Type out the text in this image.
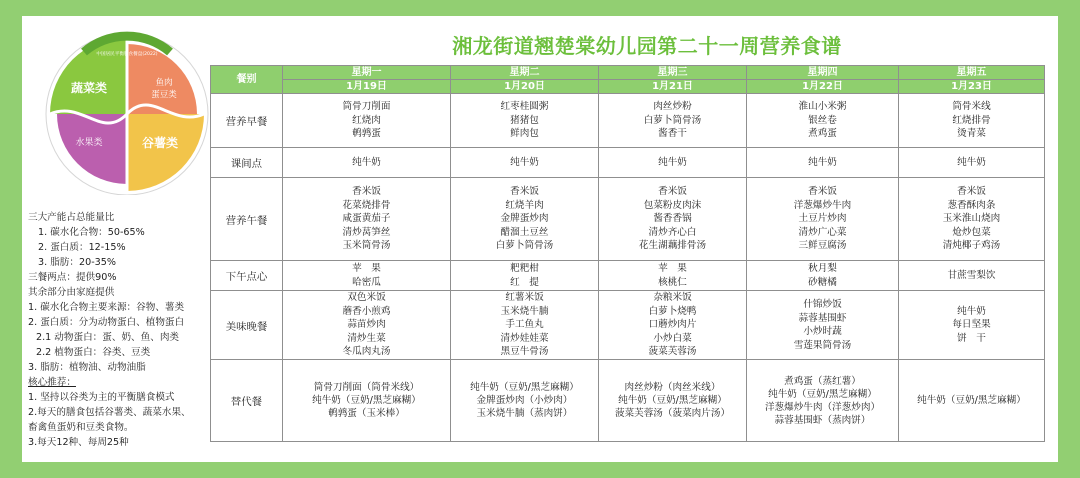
湘龙街道翘楚棠幼儿园第二十一周营养食谱
中国居民平衡膳食餐盘(2022)
蔬菜类	鱼肉
蛋豆类
谷薯类
水果类
三大产能占总能量比
1. 碳水化合物：50-65%
2. 蛋白质：12-15%
3. 脂肪：20-35%
三餐两点：提供90%
其余部分由家庭提供
1. 碳水化合物主要来源：谷物、薯类
2. 蛋白质：分为动物蛋白、植物蛋白
2.1 动物蛋白：蛋、奶、鱼、肉类
2.2 植物蛋白：谷类、豆类
3. 脂肪：植物油、动物油脂
核心推荐：
1. 坚持以谷类为主的平衡膳食模式
2.每天的膳食包括谷薯类、蔬菜水果、
畜禽鱼蛋奶和豆类食物。
3.每天12种、每周25种
餐别	星期一	星期二	星期三	星期四	星期五
	1月19日	1月20日	1月21日	1月22日	1月23日
营养早餐	筒骨刀削面
红烧肉
鹌鹑蛋	红枣桂圆粥
猪猪包
鲜肉包	肉丝炒粉
白萝卜筒骨汤
酱香干	淮山小米粥
银丝卷
煮鸡蛋	筒骨米线
红烧排骨
烫青菜

课间点	纯牛奶	纯牛奶	纯牛奶	纯牛奶	纯牛奶

营养午餐	香米饭
花菜烧排骨
咸蛋黄茄子
清炒莴笋丝
玉米筒骨汤	香米饭
红烧羊肉
金牌蛋炒肉
醋溜土豆丝
白萝卜筒骨汤	香米饭
包菜粉皮肉沫
酱香香锅
清炒齐心白
花生湖藕排骨汤	香米饭
洋葱爆炒牛肉
土豆片炒肉
清炒广心菜
三鲜豆腐汤	香米饭
葱香酥肉条
玉米淮山烧肉
炝炒包菜
清炖椰子鸡汤

下午点心	苹　果
哈密瓜	粑粑柑
红　提	苹　果
核桃仁	秋月梨
砂糖橘	甘蔗雪梨饮

美味晚餐	双色米饭
蘑香小煎鸡
蒜苗炒肉
清炒生菜
冬瓜肉丸汤	红薯米饭
玉米烧牛腩
手工鱼丸
清炒娃娃菜
黑豆牛骨汤	杂粮米饭
白萝卜烧鸭
口蘑炒肉片
小炒白菜
菠菜芙蓉汤	什锦炒饭
蒜蓉基围虾
小炒时蔬
雪莲果筒骨汤	纯牛奶
每日坚果
饼　干

替代餐	筒骨刀削面（筒骨米线）
纯牛奶（豆奶/黑芝麻糊）
鹌鹑蛋（玉米棒）	纯牛奶（豆奶/黑芝麻糊）
金牌蛋炒肉（小炒肉）
玉米烧牛腩（蒸肉饼）	肉丝炒粉（肉丝米线）
纯牛奶（豆奶/黑芝麻糊）
菠菜芙蓉汤（菠菜肉片汤）	煮鸡蛋（蒸红薯）
纯牛奶（豆奶/黑芝麻糊）
洋葱爆炒牛肉（洋葱炒肉）
蒜蓉基围虾（蒸肉饼）	纯牛奶（豆奶/黑芝麻糊）
